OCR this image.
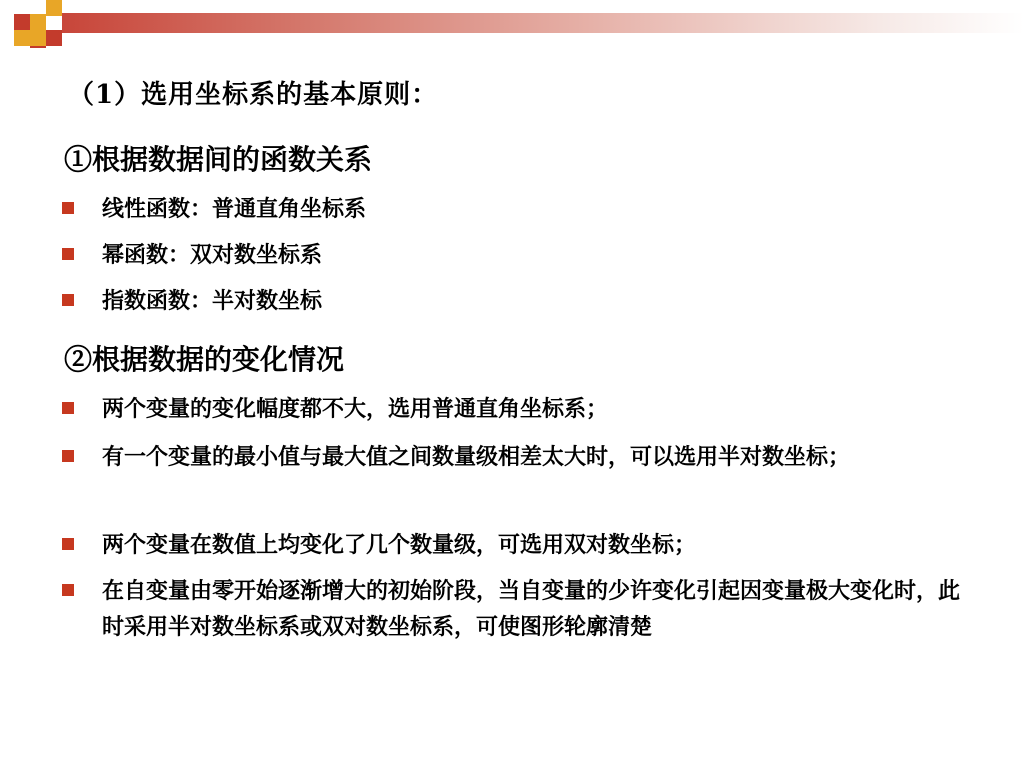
（1）选用坐标系的基本原则：
①根据数据间的函数关系
线性函数：普通直角坐标系
幂函数：双对数坐标系
指数函数：半对数坐标
②根据数据的变化情况
两个变量的变化幅度都不大，选用普通直角坐标系；
有一个变量的最小值与最大值之间数量级相差太大时，可以选用半对数坐标；
两个变量在数值上均变化了几个数量级，可选用双对数坐标；
在自变量由零开始逐渐增大的初始阶段，当自变量的少许变化引起因变量极大变化时，此时采用半对数坐标系或双对数坐标系，可使图形轮廓清楚
